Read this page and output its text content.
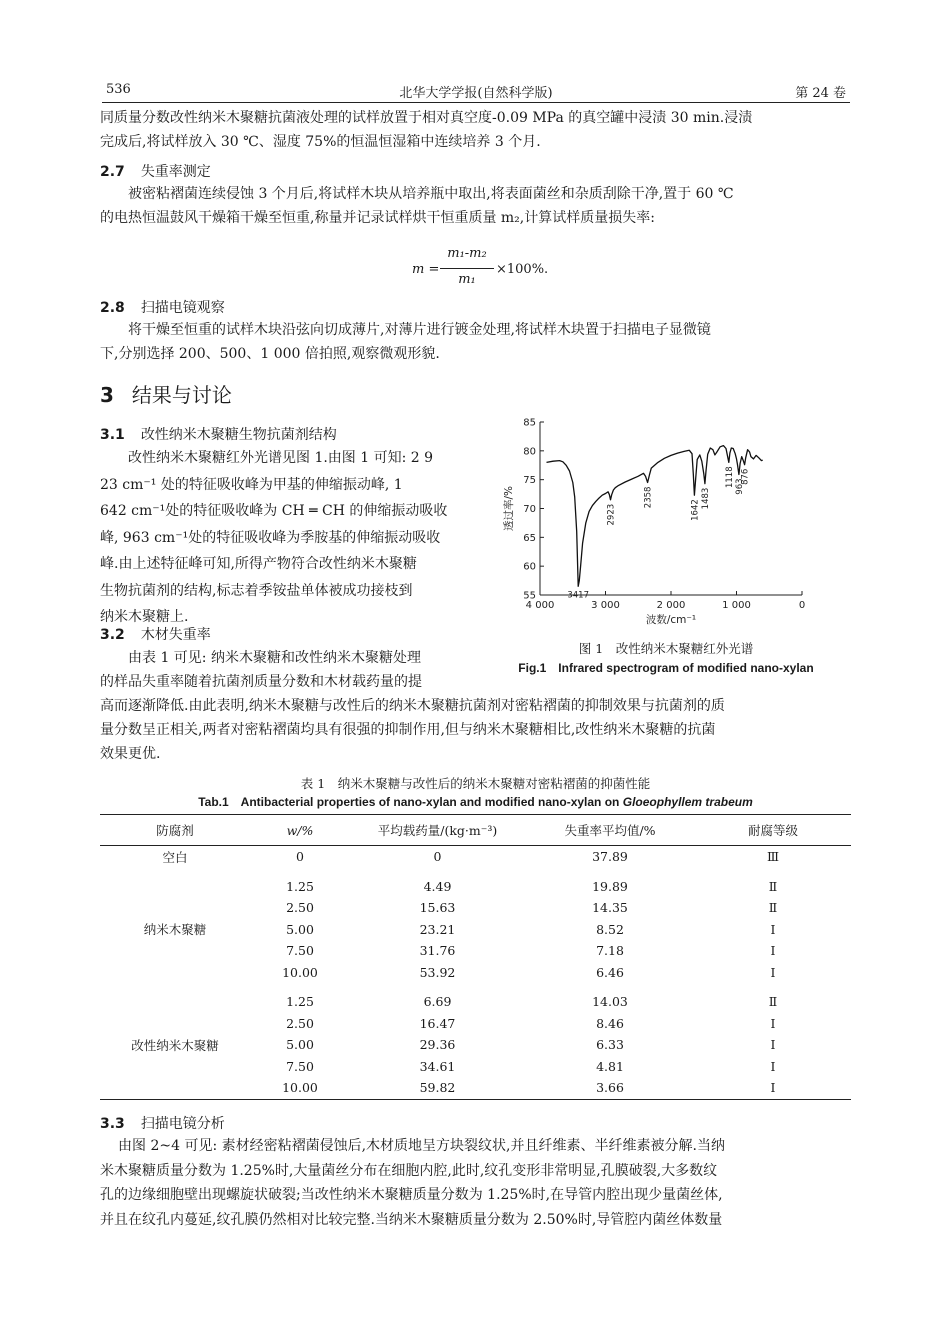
536	北华大学学报(自然科学版)	第 24 卷
同质量分数改性纳米木聚糖抗菌液处理的试样放置于相对真空度-0.09 MPa 的真空罐中浸渍 30 min.浸渍
完成后,将试样放入 30 ℃、湿度 75%的恒温恒湿箱中连续培养 3 个月.
2.7 失重率测定
被密粘褶菌连续侵蚀 3 个月后,将试样木块从培养瓶中取出,将表面菌丝和杂质刮除干净,置于 60 ℃
的电热恒温鼓风干燥箱干燥至恒重,称量并记录试样烘干恒重质量 m₂,计算试样质量损失率:
m =
m₁-m₂
m₁
×100%.
2.8 扫描电镜观察
将干燥至恒重的试样木块沿弦向切成薄片,对薄片进行镀金处理,将试样木块置于扫描电子显微镜
下,分别选择 200、500、1 000 倍拍照,观察微观形貌.
3 结果与讨论
3.1 改性纳米木聚糖生物抗菌剂结构
改性纳米木聚糖红外光谱见图 1.由图 1 可知: 2 9
23 cm⁻¹ 处的特征吸收峰为甲基的伸缩振动峰, 1
642 cm⁻¹处的特征吸收峰为 CH ═ CH 的伸缩振动吸收
峰, 963 cm⁻¹处的特征吸收峰为季胺基的伸缩振动吸收
峰.由上述特征峰可知,所得产物符合改性纳米木聚糖
生物抗菌剂的结构,标志着季铵盐单体被成功接枝到
纳米木聚糖上.
3.2 木材失重率
由表 1 可见: 纳米木聚糖和改性纳米木聚糖处理
的样品失重率随着抗菌剂质量分数和木材载药量的提
高而逐渐降低.由此表明,纳米木聚糖与改性后的纳米木聚糖抗菌剂对密粘褶菌的抑制效果与抗菌剂的质
量分数呈正相关,两者对密粘褶菌均具有很强的抑制作用,但与纳米木聚糖相比,改性纳米木聚糖的抗菌
效果更优.
55
60
65
70
75
80
85
4 000	3 000	2 000	1 000	0
波数/cm⁻¹
透过率/%
3417
2923
2358
1642
1483
1118 963
876
图 1　改性纳米木聚糖红外光谱
Fig.1　Infrared spectrogram of modified nano-xylan
表 1　纳米木聚糖与改性后的纳米木聚糖对密粘褶菌的抑菌性能
Tab.1　Antibacterial properties of nano-xylan and modified nano-xylan on Gloeophyllem trabeum
防腐剂	w/%	平均载药量/(kg·m⁻³)	失重率平均值/%	耐腐等级
空白	0	0	37.89	Ⅲ

纳米木聚糖	1.25	4.49	19.89	Ⅱ
	2.50	15.63	14.35	Ⅱ
	5.00	23.21	8.52	Ⅰ
	7.50	31.76	7.18	Ⅰ
	10.00	53.92	6.46	Ⅰ

改性纳米木聚糖	1.25	6.69	14.03	Ⅱ
	2.50	16.47	8.46	Ⅰ
	5.00	29.36	6.33	Ⅰ
	7.50	34.61	4.81	Ⅰ
	10.00	59.82	3.66	Ⅰ
3.3 扫描电镜分析
由图 2~4 可见: 素材经密粘褶菌侵蚀后,木材质地呈方块裂纹状,并且纤维素、半纤维素被分解.当纳
米木聚糖质量分数为 1.25%时,大量菌丝分布在细胞内腔,此时,纹孔变形非常明显,孔膜破裂,大多数纹
孔的边缘细胞壁出现螺旋状破裂;当改性纳米木聚糖质量分数为 1.25%时,在导管内腔出现少量菌丝体,
并且在纹孔内蔓延,纹孔膜仍然相对比较完整.当纳米木聚糖质量分数为 2.50%时,导管腔内菌丝体数量
